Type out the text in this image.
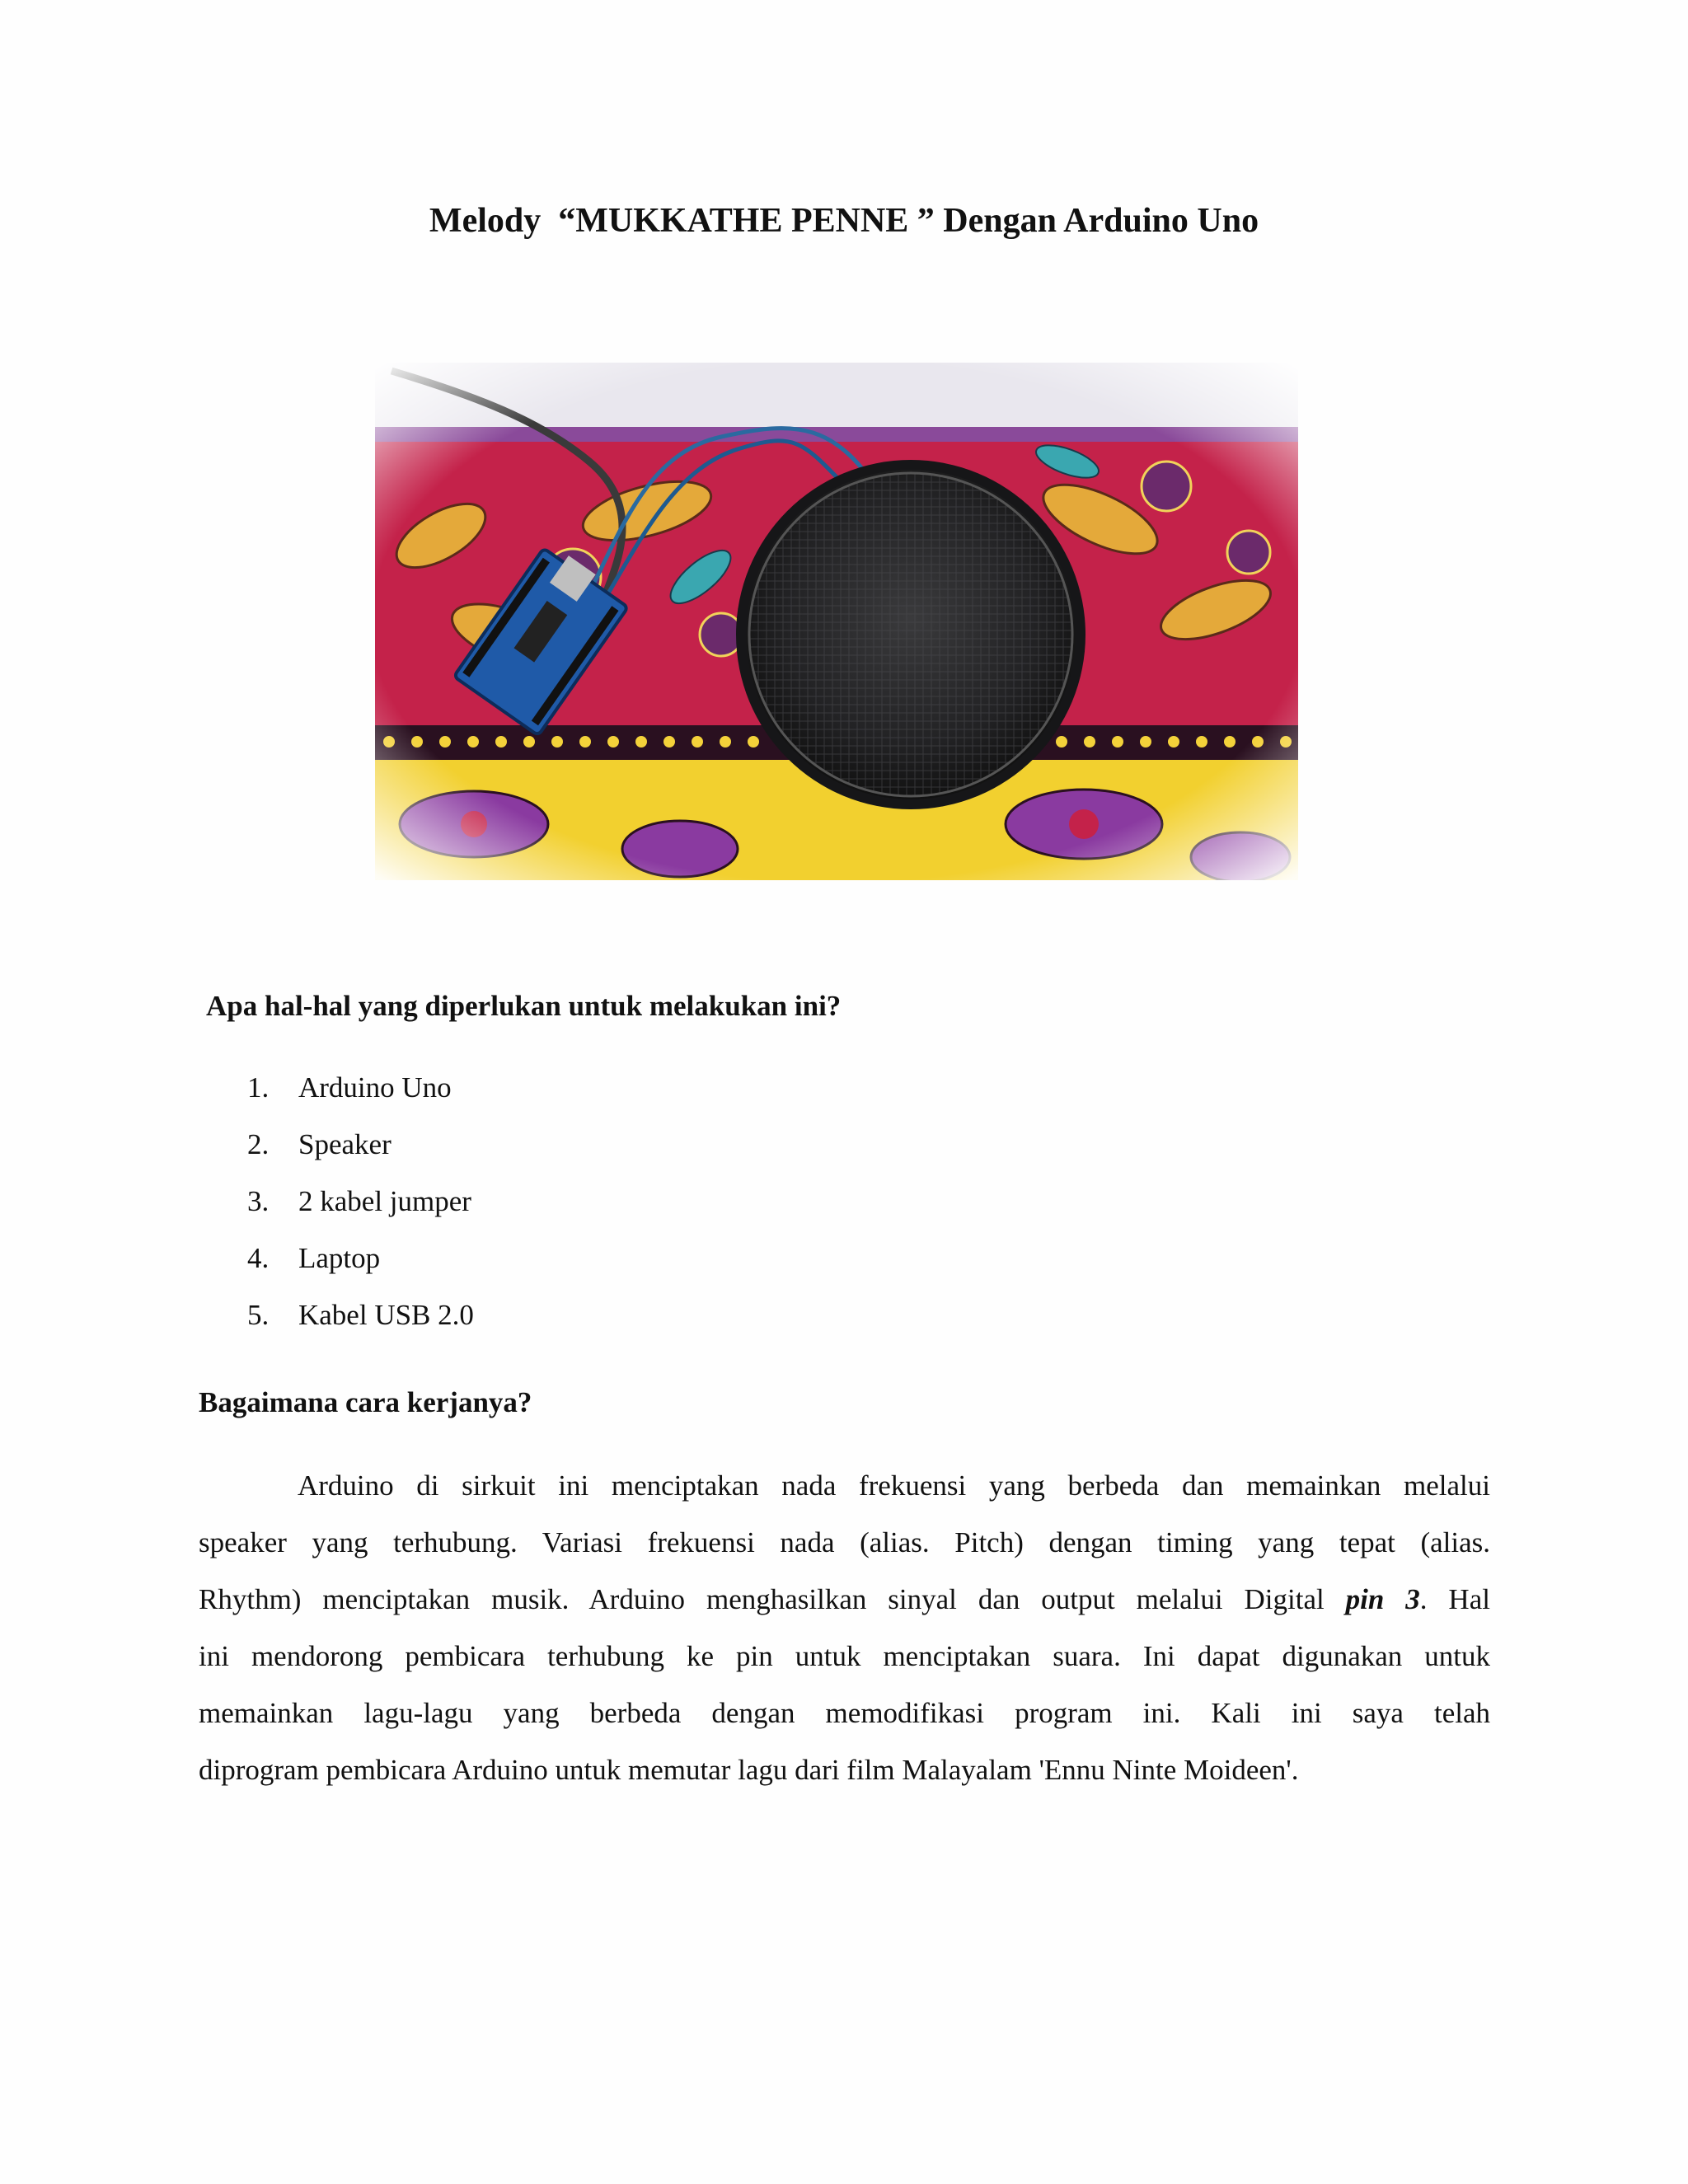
Melody  “MUKKATHE PENNE ” Dengan Arduino Uno
Apa hal-hal yang diperlukan untuk melakukan ini?
1. Arduino Uno
2. Speaker
3. 2 kabel jumper
4. Laptop
5. Kabel USB 2.0
Bagaimana cara kerjanya?
Arduino di sirkuit ini menciptakan nada frekuensi yang berbeda dan memainkan melalui
speaker yang terhubung. Variasi frekuensi nada (alias. Pitch) dengan timing yang tepat (alias.
Rhythm) menciptakan musik. Arduino menghasilkan sinyal dan output melalui Digital pin 3. Hal
ini mendorong pembicara terhubung ke pin untuk menciptakan suara. Ini dapat digunakan untuk
memainkan lagu-lagu yang berbeda dengan memodifikasi program ini. Kali ini saya telah
diprogram pembicara Arduino untuk memutar lagu dari film Malayalam 'Ennu Ninte Moideen'.
